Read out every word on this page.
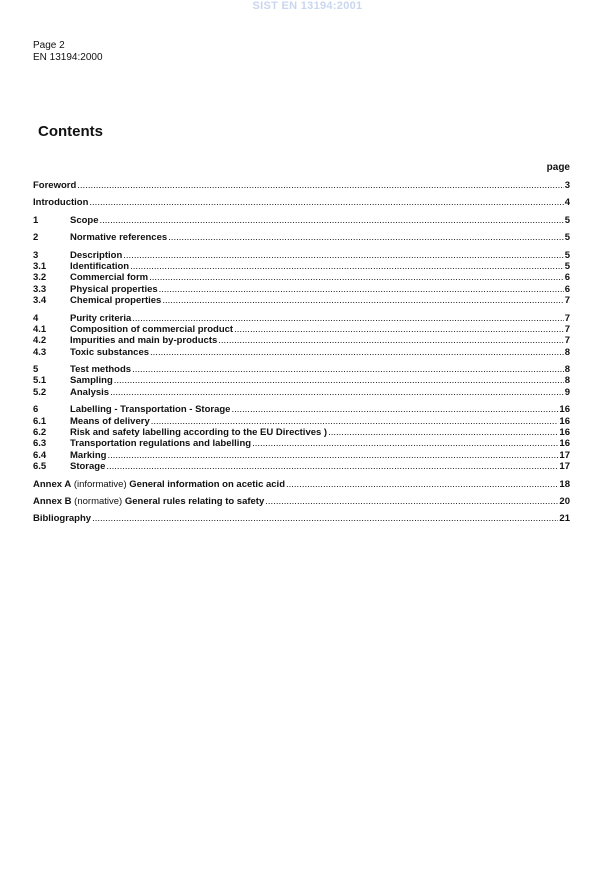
SIST EN 13194:2001
Page 2
EN 13194:2000
Contents
page
Foreword .....	3
Introduction .....	4
1	Scope .....	5
2	Normative references .....	5
3	Description .....	5
3.1	Identification .....	5
3.2	Commercial form .....	6
3.3	Physical properties .....	6
3.4	Chemical properties .....	7
4	Purity criteria .....	7
4.1	Composition of commercial product .....	7
4.2	Impurities and main by-products .....	7
4.3	Toxic substances .....	8
5	Test methods .....	8
5.1	Sampling .....	8
5.2	Analysis .....	9
6	Labelling - Transportation - Storage .....	16
6.1	Means of delivery .....	16
6.2	Risk and safety labelling according to the EU Directives ) .....	16
6.3	Transportation regulations and labelling .....	16
6.4	Marking .....	17
6.5	Storage .....	17
Annex A (informative) General information on acetic acid .....	18
Annex B (normative) General rules relating to safety .....	20
Bibliography .....	21
